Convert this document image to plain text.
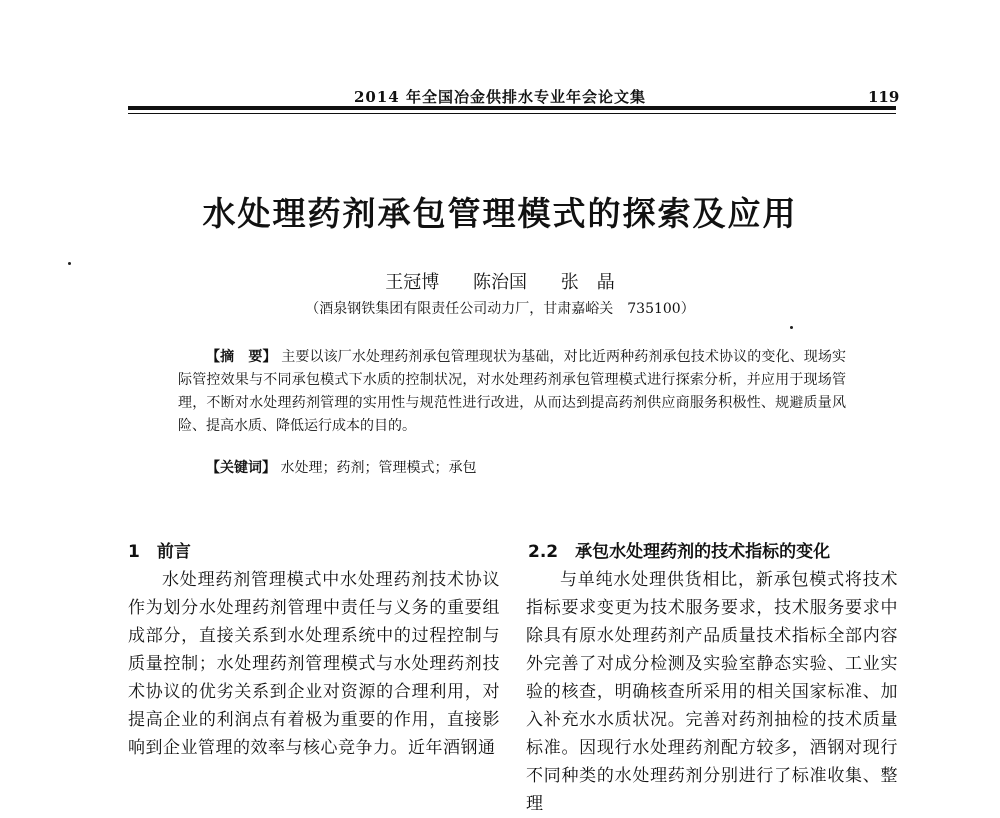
2014 年全国冶金供排水专业年会论文集	119
水处理药剂承包管理模式的探索及应用
王冠博 陈治国 张　晶
（酒泉钢铁集团有限责任公司动力厂，甘肃嘉峪关　735100）
【摘　要】 主要以该厂水处理药剂承包管理现状为基础，对比近两种药剂承包技术协议的变化、现场实际管控效果与不同承包模式下水质的控制状况，对水处理药剂承包管理模式进行探索分析，并应用于现场管理，不断对水处理药剂管理的实用性与规范性进行改进，从而达到提高药剂供应商服务积极性、规避质量风险、提高水质、降低运行成本的目的。
【关键词】 水处理；药剂；管理模式；承包
1　前言
水处理药剂管理模式中水处理药剂技术协议作为划分水处理药剂管理中责任与义务的重要组成部分，直接关系到水处理系统中的过程控制与质量控制；水处理药剂管理模式与水处理药剂技术协议的优劣关系到企业对资源的合理利用，对提高企业的利润点有着极为重要的作用，直接影响到企业管理的效率与核心竞争力。近年酒钢通
2.2　承包水处理药剂的技术指标的变化
与单纯水处理供货相比，新承包模式将技术指标要求变更为技术服务要求，技术服务要求中除具有原水处理药剂产品质量技术指标全部内容外完善了对成分检测及实验室静态实验、工业实验的核查，明确核查所采用的相关国家标准、加入补充水水质状况。完善对药剂抽检的技术质量标准。因现行水处理药剂配方较多，酒钢对现行不同种类的水处理药剂分别进行了标准收集、整理
